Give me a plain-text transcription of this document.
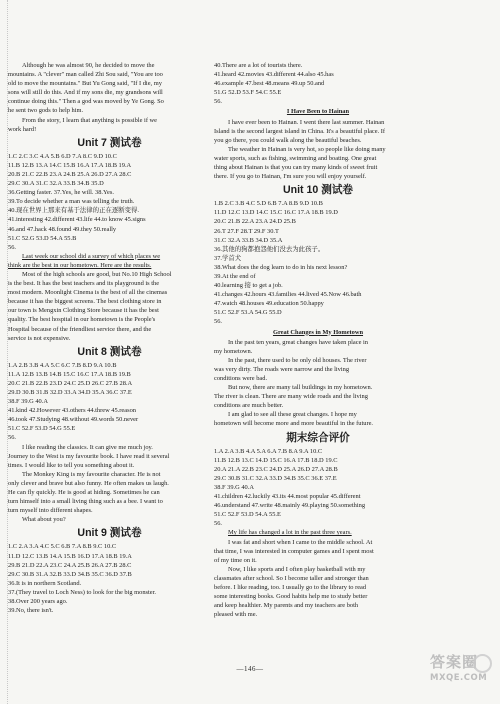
Although he was almost 90, he decided to move the
mountains. A "clever" man called Zhi Sou said, "You are too
old to move the mountains." But Yu Gong said, "If I die, my
sons will still do this. And if my sons die, my grandsons will
continue doing this." Then a god was moved by Ye Gong. So
he sent two gods to help him.
From the story, I learn that anything is possible if we
work hard!
Unit 7 测试卷
1.C 2.C 3.C 4.A 5.B 6.D 7.A 8.C 9.D 10.C
11.B 12.B 13.A 14.C 15.B 16.A 17.A 18.B 19.A
20.B 21.C 22.B 23.A 24.B 25.A 26.D 27.A 28.C
29.C 30.A 31.C 32.A 33.B 34.B 35.D
36.Getting faster. 37.Yes, he will. 38.Yes.
39.To decide whether a man was telling the truth.
40.现在世界上那来有基于法律的正在逐断变得.
41.interesting 42.different 43.life 44.to know 45.signs
46.and 47.hack 48.found 49.they 50.really
51.C 52.G 53.D 54.A 55.B
56.
Last week our school did a survey of which places we
think are the best in our hometown. Here are the results.
Most of the high schools are good, but No.10 High School
is the best. It has the best teachers and its playground is the
most modern. Moonlight Cinema is the best of all the cinemas
because it has the biggest screens. The best clothing store in
our town is Mengxin Clothing Store because it has the best
quality. The best hospital in our hometown is the People's
Hospital because of the friendliest service there, and the
service is not expensive.
Unit 8 测试卷
1.A 2.B 3.B 4.A 5.C 6.C 7.B 8.D 9.A 10.B
11.A 12.B 13.B 14.B 15.C 16.C 17.A 18.B 19.B
20.C 21.B 22.B 23.D 24.C 25.D 26.C 27.B 28.A
29.D 30.B 31.B 32.D 33.A 34.D 35.A 36.C 37.E
38.F 39.G 40.A
41.kind 42.However 43.others 44.threw 45.reason
46.took 47.Studying 48.without 49.words 50.never
51.C 52.F 53.D 54.G 55.E
56.
I like reading the classics. It can give me much joy.
Journey to the West is my favourite book. I have read it several
times. I would like to tell you something about it.
The Monkey King is my favourite character. He is not
only clever and brave but also funny. He often makes us laugh.
He can fly quickly. He is good at hiding. Sometimes he can
turn himself into a small living thing such as a bee. I want to
turn myself into different shapes.
What about you?
Unit 9 测试卷
1.C 2.A 3.A 4.C 5.C 6.B 7.A 8.B 9.C 10.C
11.D 12.C 13.B 14.A 15.B 16.D 17.A 18.B 19.A
29.B 21.D 22.A 23.C 24.A 25.B 26.A 27.B 28.C
29.C 30.B 31.A 32.B 33.D 34.B 35.C 36.D 37.B
36.It is in northern Scotland.
37.(They travel to Loch Ness) to look for the big monster.
38.Over 200 years ago.
39.No, there isn't.
40.There are a lot of tourists there.
41.heard 42.movies 43.different 44.also 45.has
46.example 47.best 48.means 49.up 50.and
51.G 52.D 53.F 54.C 55.E
56.
I Have Been to Hainan
I have ever been to Hainan. I went there last summer. Hainan
Island is the second largest island in China. It's a beautiful place. If
you go there, you could walk along the beautiful beaches.
The weather in Hainan is very hot, so people like doing many
water sports, such as fishing, swimming and boating. One great
thing about Hainan is that you can try many kinds of sweet fruit
there. If you go to Hainan, I'm sure you will enjoy yourself.
Unit 10 测试卷
1.B 2.C 3.B 4.C 5.D 6.B 7.A 8.B 9.D 10.B
11.D 12.C 13.D 14.C 15.C 16.C 17.A 18.B 19.D
20.C 21.B 22.A 23.A 24.D 25.B
26.T 27.F 28.T 29.F 30.T
31.C 32.A 33.B 34.D 35.A
36.其他的狗都抱怨他们没去为此孩子。
37.学首犬
38.What does the dog learn to do in his next lesson?
39.At the end of
40.learning 接 to get a job.
41.changes 42.hours 43.families 44.lived 45.Now 46.bath
47.watch 48.houses 49.education 50.happy
51.C 52.F 53.A 54.G 55.D
56.
Great Changes in My Hometown
In the past ten years, great changes have taken place in
my hometown.
In the past, there used to be only old houses. The river
was very dirty. The roads were narrow and the living
conditions were bad.
But now, there are many tall buildings in my hometown.
The river is clean. There are many wide roads and the living
conditions are much better.
I am glad to see all these great changes. I hope my
hometown will become more and more beautiful in the future.
期末综合评价
1.A 2.A 3.B 4.A 5.A 6.A 7.B 8.A 9.A 10.C
11.B 12.B 13.C 14.D 15.C 16.A 17.B 18.D 19.C
20.A 21.A 22.B 23.C 24.D 25.A 26.D 27.A 28.B
29.C 30.B 31.C 32.A 33.D 34.B 35.C 36.E 37.E
38.F 39.G 40.A
41.children 42.luckily 43.its 44.most popular 45.different
46.understand 47.write 48.mainly 49.playing 50.something
51.C 52.F 53.D 54.A 55.E
56.
My life has changed a lot in the past three years.
I was fat and short when I came to the middle school. At
that time, I was interested in computer games and I spent most
of my time on it.
Now, I like sports and I often play basketball with my
classmates after school. So I become taller and stronger than
before. I like reading, too. I usually go to the library to read
some interesting books. Good habits help me to study better
and keep healthier. My parents and my teachers are both
pleased with me.
—146—	答案圈
MXQE.COM
